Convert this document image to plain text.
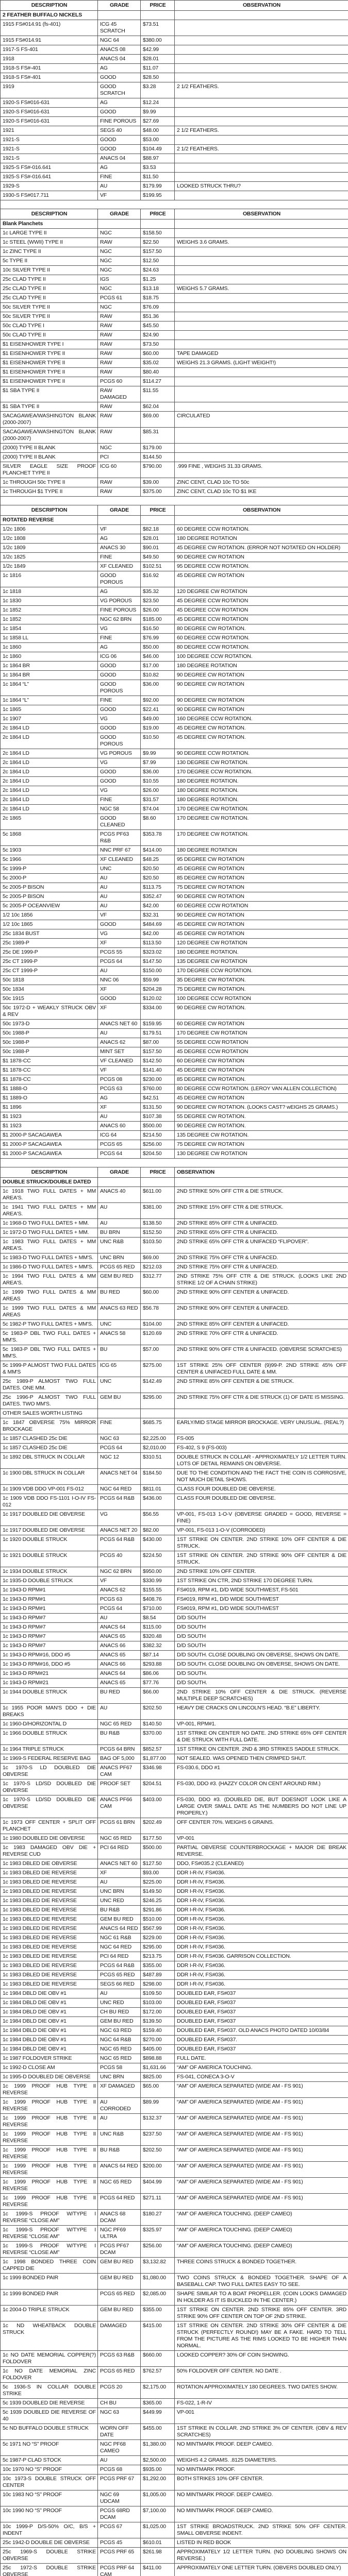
DESCRIPTION	GRADE	PRICE	OBSERVATION
2 FEATHER BUFFALO NICKELS			
1915 FS#014.91 (fs-401)	ICG 45 SCRATCH	$73.51	
1915 FS#014.91	NGC 64	$380.00	
1917-S FS-401	ANACS 08	$42.99	
1918	ANACS 04	$28.01	
1918-S FS#-401	AG	$11.07	
1918-S FS#-401	GOOD	$28.50	
1919	GOOD SCRATCH	$3.28	2 1/2 FEATHERS.
1920-S FS#016-631	AG	$12.24	
1920-S FS#016-631	GOOD	$9.99	
1920-S FS#016-631	FINE POROUS	$27.69	
1921	SEGS 40	$48.00	2 1/2 FEATHERS.
1921-S	GOOD	$53.00	
1921-S	GOOD	$104.49	2 1/2 FEATHERS.
1921-S	ANACS 04	$88.97	
1925-S FS#-016.641	AG	$3.53	
1925-S FS#-016.641	FINE	$11.50	
1929-S	AU	$179.99	LOOKED STRUCK THRU?
1930-S FS#017.711	VF	$199.95	

DESCRIPTION	GRADE	PRICE	OBSERVATION
Blank Planchets			
1c LARGE TYPE II	NGC	$158.50	
1c STEEL (WWII) TYPE II	RAW	$22.50	WEIGHS 3.6 GRAMS.
1c ZINC TYPE II	NGC	$157.50	
5c TYPE II	NGC	$12.50	
10c SILVER TYPE II	NGC	$24.63	
25c CLAD TYPE II	IGS	$1.25	
25c CLAD TYPE II	NGC	$13.18	WEIGHS 5.7 GRAMS.
25c CLAD TYPE II	PCGS 61	$18.75	
50c SILVER TYPE II	NGC	$76.09	
50c SILVER TYPE II	RAW	$51.36	
50c CLAD TYPE I	RAW	$45.50	
50c CLAD TYPE II	RAW	$24.90	
$1 EISENHOWER TYPE I	RAW	$73.50	
$1 EISENHOWER TYPE II	RAW	$60.00	TAPE DAMAGED
$1 EISENHOWER TYPE II	RAW	$35.02	WEIGHS 21.3 GRAMS. (LIGHT WEIGHT!)
$1 EISENHOWER TYPE II	RAW	$80.40	
$1 EISENHOWER TYPE II	PCGS 60	$114.27	
$1 SBA TYPE II	RAW DAMAGED	$11.55	
$1 SBA TYPE II	RAW	$62.04	
SACAGAWEA/WASHINGTON BLANK (2000-2007)	RAW	$69.00	CIRCULATED
SACAGAWEA/WASHINGTON BLANK (2000-2007)	RAW	$85.31	
(2000) TYPE II BLANK	NGC	$179.00	
(2000) TYPE II BLANK	PCI	$144.50	
SILVER EAGLE SIZE PROOF PLANCHET TYPE II	ICG 60	$790.00	.999 FINE , WEIGHS 31.33 GRAMS.
1c THROUGH 50c TYPE II	RAW	$39.00	ZINC CENT, CLAD 10c TO 50c
1c THROUGH $1 TYPE II	RAW	$375.00	ZINC CENT, CLAD 10c TO $1 IKE

DESCRIPTION	GRADE	PRICE	OBSERVATION
ROTATED REVERSE			
1/2c 1806	VF	$82.18	60 DEGREE CCW ROTATION.
1/2c 1808	AG	$28.01	180 DEGREE ROTATION
1/2c 1809	ANACS 30	$90.01	45 DEGREE CW ROTATION. (ERROR NOT NOTATED ON HOLDER)
1/2c 1825	FINE	$49.50	90 DEGREE CW ROTATION
1/2c 1849	XF CLEANED	$102.51	95 DEGREE CCW ROTATION.
1c 1816	GOOD POROUS	$16.92	45 DEGREE CW ROTATION
1c 1818	AG	$35.32	120 DEGREE CW ROTATION
1c 1830	VG POROUS	$23.50	45 DEGREE CCW ROTATION
1c 1852	FINE POROUS	$26.00	45 DEGREE CCW ROTATION
1c 1852	NGC 62 BRN	$185.00	45 DEGREE CCW ROTATION
1c 1854	VG	$16.50	80 DEGREE CW ROTATION.
1c 1858 LL	FINE	$76.99	60 DEGREE CCW ROTATION.
1c 1860	AG	$50.00	80 DEGREE CCW ROTATION.
1c 1860	ICG 06	$46.00	100 DEGREE CCW ROTATION.
1c 1864 BR	GOOD	$17.00	180 DEGREE ROTATION
1c 1864 BR	GOOD	$10.82	90 DEGREE CW ROTATION
1c 1864 “L”	GOOD POROUS	$36.00	90 DEGREE CW ROTATION
1c 1864 “L”	FINE	$92.00	90 DEGREE CW ROTATION
1c 1865	GOOD	$22.41	90 DEGREE CW ROTATION
1c 1907	VG	$49.00	160 DEGREE CCW ROTATION.
2c 1864 LD	GOOD	$19.00	45 DEGREE CW ROTATION.
2c 1864 LD	GOOD POROUS	$10.50	45 DEGREE CW ROTATION.
2c 1864 LD	VG POROUS	$9.99	90 DEGREE CCW ROTATION.
2c 1864 LD	VG	$7.99	130 DEGREE CW ROTATION.
2c 1864 LD	GOOD	$36.00	170 DEGREE CCW ROTATION.
2c 1864 LD	GOOD	$10.55	180 DEGREE ROTATION.
2c 1864 LD	VG	$26.00	180 DEGREE ROTATION.
2c 1864 LD	FINE	$31.57	180 DEGREE ROTATION.
2c 1864 LD	NGC 58	$74.04	170 DEGREE CW ROTATION.
2c 1865	GOOD CLEANED	$8.60	170 DEGREE CW ROTATION.
5c 1868	PCGS PF63 R&B	$353.78	170 DEGREE CW ROTATION.
5c 1903	NNC PRF 67	$414.00	180 DEGREE ROTATION
5c 1966	XF CLEANED	$48.25	95 DEGREE CW ROTATION
5c 1999-P	UNC	$20.50	45 DEGREE CW ROTATION
5c 2000-P	AU	$20.50	85 DEGREE CW ROTATION
5c 2005-P BISON	AU	$113.75	75 DEGREE CW ROTATION
5c 2005-P BISON	AU	$352.47	90 DEGREE CW ROTATION
5c 2005-P OCEANVIEW	AU	$42.00	60 DEGREE CCW ROTATION
1/2 10c 1856	VF	$32.31	90 DEGREE CW ROTATION
1/2 10c 1865	GOOD	$484.69	45 DEGREE CW ROTATION
25c 1834 BUST	VG	$42.00	45 DEGREE CW ROTATION
25c 1989-P	XF	$113.50	120 DEGREE CW ROTATION
25c DE 1999-P	PCGS 55	$323.02	180 DEGREE ROTATION.
25c CT 1999-P	PCGS 64	$147.50	135 DEGREE CW ROTATION
25c CT 1999-P	AU	$150.00	170 DEGREE CCW ROTATION.
50c 1818	NNC 06	$59.99	35 DEGREE CW ROTATION.
50c 1834	XF	$204.28	75 DEGREE CW ROTATION.
50c 1915	GOOD	$120.02	100 DEGREE CCW ROTATION
50c 1972-D + WEAKLY STRUCK OBV & REV	XF	$334.00	90 DEGREE CW ROTATION.
50c 1973-D	ANACS NET 60	$159.95	60 DEGREE CW ROTATION
50c 1988-P	AU	$179.51	170 DEGREE CW ROTATION
50c 1988-P	ANACS 62	$87.00	55 DEGREE CCW ROTATION
50c 1988-P	MINT SET	$157.50	45 DEGREE CCW ROTATION
$1 1878-CC	VF CLEANED	$142.50	60 DEGREE CW ROTATION
$1 1878-CC	VF	$141.40	45 DEGREE CW ROTATION
$1 1878-CC	PCGS 08	$230.00	85 DEGREE CW ROTATION.
$1 1888-O	PCGS 63	$760.00	80 DEGREE CCW ROTATION. (LEROY VAN ALLEN COLLECTION)
$1 1889-O	AG	$42.51	45 DEGREE CW ROTATION
$1 1896	XF	$131.50	90 DEGREE CW ROTATION. (LOOKS CAST? wEIGHS 25 GRAMS.)
$1 1923	AU	$107.38	55 DEGREE CW ROTATION.
$1 1923	ANACS 60	$500.00	90 DEGREE CW ROTATION.
$1 2000-P SACAGAWEA	ICG 64	$214.50	135 DEGREE CW ROTATION.
$1 2000-P SACAGAWEA	PCGS 65	$256.00	75 DEGREE CW ROTATION
$1 2000-P SACAGAWEA	PCGS 64	$204.50	130 DEGREE CW ROTATION

DESCRIPTION	GRADE	PRICE	OBSERVATION
DOUBLE STRUCK/DOUBLE DATED			
1c 1918 TWO FULL DATES + MM AREA'S.	ANACS 40	$611.00	2ND STRIKE 50% OFF CTR & DIE STRUCK.
1c 1941 TWO FULL DATES + MM AREA'S.	AU	$381.00	2ND STRIKE 15% OFF CTR & DIE STRUCK.
1c 1968-D TWO FULL DATES + MM.	AU	$138.50	2ND STRIKE 85% OFF CTR & UNIFACED.
1c 1972-D TWO FULL DATES + MM.	BU BRN	$152.50	2ND STRIKE 65% OFF CTR & UNIFACED.
1c 1983 TWO FULL DATES + MM AREA'S.	UNC R&B	$103.50	2ND STRIKE 65% OFF CTR & UNIFACED “FLIPOVER”.
1c 1983-D TWO FULL DATES + MM'S.	UNC BRN	$69.00	2ND STRIKE 75% OFF CTR & UNIFACED.
1c 1986-D TWO FULL DATES + MM'S.	PCGS 65 RED	$212.03	2ND STRIKE 75% OFF CTR & UNIFACED.
1c 1994 TWO FULL DATES & MM AREA'S.	GEM BU RED	$312.77	2ND STRIKE 75% OFF CTR & DIE STRUCK. (LOOKS LIKE 2ND STRIKE 1/2 OF A CHAIN STRIKE)
1c 1999 TWO FULL DATES & MM AREAS	BU RED	$60.00	2ND STRIKE 90% OFF CENTER & UNIFACED.
1c 1999 TWO FULL DATES & MM AREAS	ANACS 63 RED	$56.78	2ND STRIKE 90% OFF CENTER & UNIFACED.
5c 1982-P TWO FULL DATES + MM'S.	UNC	$104.00	2ND STRIKE 85% OFF CENTER & UNIFACED.
5c 1983-P DBL TWO FULL DATES + MM'S.	ANACS 58	$120.69	2ND STRIKE 70% OFF CTR & UNIFACED.
5c 1983-P DBL TWO FULL DATES + MM'S.	BU	$57.00	2ND STRIKE 90% OFF CTR & UNIFACED. (OBVERSE SCRATCHES)
5c 1999-P ALMOST TWO FULL DATES & MM'S	ICG 65	$275.00	1ST STRIKE 25% OFF CENTER (9)99-P. 2ND STRIKE 45% OFF CENTER & UNIFACED FULL DATE & MM.
25c 1989-P ALMOST TWO FULL DATES. ONE MM.	UNC	$142.49	2ND STRIKE 85% OFF CENTER & DIE STRUCK.
25c 1996-P ALMOST TWO FULL DATES. TWO MM'S.	GEM BU	$295.00	2ND STRIKE 75% OFF CTR & DIE STRUCK (1) OF DATE IS MISSING.
OTHER SALES WORTH LISTING			
1c 1847 OBVERSE 75% MIRROR BROCKAGE	FINE	$685.75	EARLY/MID STAGE MIRROR BROCKAGE. VERY UNUSUAL. (REAL?)
1c 1857 CLASHED 25c DIE	NGC 63	$2,225.00	FS-005
1c 1857 CLASHED 25c DIE	PCGS 64	$2,010.00	FS-402, S 9 (FS-003)
1c 1892 DBL STRUCK IN COLLAR	NGC 12	$310.51	DOUBLE STRUCK IN COLLAR - APPROXIMATELY 1/2 LETTER TURN. LOTS OF DETAIL REMAINS ON OBVERSE.
1c 1900 DBL STRUCK IN COLLAR	ANACS NET 04	$184.50	DUE TO THE CONDITION AND THE FACT THE COIN IS CORROSIVE, NOT MUCH DETAIL SHOWS.
1c 1909 VDB DDO VP-001 FS-012	NGC 64 RED	$811.01	CLASS FOUR DOUBLED DIE OBVERSE.
1c 1909 VDB DDO FS-1101 I-O-IV FS-012	PCGS 64 R&B	$436.00	CLASS FOUR DOUBLED DIE OBVERSE.
1c 1917 DOUBLED DIE OBVERSE	VG	$56.55	VP-001, FS-013 1-O-V (OBVERSE GRADED = GOOD, REVERSE = FINE)
1c 1917 DOUBLED DIE OBVERSE	ANACS NET 20	$82.00	VP-001, FS-013 1-O-V (CORRODED)
1c 1920 DOUBLE STRUCK	PCGS 64 R&B	$430.00	1ST STRIKE ON CENTER. 2ND STRIKE 10% OFF CENTER & DIE STRUCK.
1c 1921 DOUBLE STRUCK	PCGS 40	$224.50	1ST STRIKE ON CENTER. 2ND STRIKE 90% OFF CENTER & DIE STRUCK.
1c 1934 DOUBLE STRUCK	NGC 62 BRN	$950.00	2ND STRIKE 10% OFF CENTER.
1c 1935-D DOUBLE STRUCK	VF	$330.99	1ST STRIKE ON CTR, 2ND STRIKE 170 DEGREE TURN.
1c 1943-D RPM#1	ANACS 62	$155.55	FS#019, RPM #1, D/D WIDE SOUTHWEST, FS-501
1c 1943-D RPM#1	PCGS 63	$408.76	FS#019, RPM #1, D/D WIDE SOUTHWEST
1c 1943-D RPM#1	PCGS 64	$710.00	FS#019, RPM #1, D/D WIDE SOUTHWEST
1c 1943-D RPM#7	AU	$8.54	D/D SOUTH
1c 1943-D RPM#7	ANACS 64	$115.00	D/D SOUTH
1c 1943-D RPM#7	ANACS 65	$320.48	D/D SOUTH
1c 1943-D RPM#7	ANACS 66	$382.32	D/D SOUTH
1c 1943-D RPM#16, DDO #5	ANACS 65	$87.14	D/D SOUTH. CLOSE DOUBLING ON OBVERSE, SHOWS ON DATE.
1c 1943-D RPM#16, DDO #5	ANACS 66	$293.88	D/D SOUTH. CLOSE DOUBLING ON OBVERSE, SHOWS ON DATE.
1c 1943-D RPM#21	ANACS 64	$86.06	D/D SOUTH.
1c 1943-D RPM#21	ANACS 65	$77.76	D/D SOUTH.
1c 1944 DOUBLE STRUCK	BU RED	$66.00	2ND STRIKE 10% OFF CENTER & DIE STRUCK. (REVERSE MULTIPLE DEEP SCRATCHES)
1c 1955 POOR MAN'S DDO + DIE BREAKS	AU	$202.50	HEAVY DIE CRACKS ON LINCOLN'S HEAD. “B.E” LIBERTY.
1c 1960-D/HORIZONTAL D	NGC 65 RED	$140.50	VP-001, RPM#1.
1c 1966 DOUBLE STRUCK	BU R&B	$370.00	1ST STRIKE ON CENTER NO DATE. 2ND STRIKE 65% OFF CENTER & DIE STRUCK WITH FULL DATE.
1c 1964 TRIPLE STRUCK	PCGS 64 BRN	$852.57	1ST STRIKE ON CENTER. 2ND & 3RD STRIKES SADDLE STRUCK.
1c 1969-S FEDERAL RESERVE BAG	BAG OF 5,000	$1,877.00	NOT SEALED. WAS OPENED THEN CRIMPED SHUT.
1c 1970-S LD DOUBLED DIE OBVERSE	ANACS PF67 CAM	$346.98	FS-030.6, DDO #1
1c 1970-S LD/SD DOUBLED DIE OBVERSE	PROOF SET	$204.51	FS-030, DDO #3. (HAZZY COLOR ON CENT AROUND RIM.)
1c 1970-S LD/SD DOUBLED DIE OBVERSE	ANACS PF66 CAM	$403.00	FS-030, DDO #3. (DOUBLED DIE, BUT DOESNOT LOOK LIKE A LARGE OVER SMALL DATE AS THE NUMBERS DO NOT LINE UP PROPERLY.)
1c 1973 OFF CENTER + SPLIT OFF PLANCHET	PCGS 61 BRN	$202.49	OFF CENTER 70%. WEIGHS 6 GRAINS.
1c 1980 DOUBLED DIE OBVERSE	NGC 65 RED	$177.50	VP-001
1c 1983 DAMAGED OBV DIE + REVERSE CUD	PCI 64 RED	$500.00	PARTIAL OBVERSE COUNTERBROCKAGE + MAJOR DIE BREAK REVERSE.
1c 1983 DBLED DIE OBVERSE	ANACS NET 60	$127.50	DDO, FS#035.2 (CLEANED)
1c 1983 DBLED DIE REVERSE	XF	$93.00	DDR I-R-IV, FS#036.
1c 1983 DBLED DIE REVERSE	AU	$225.00	DDR I-R-IV, FS#036.
1c 1983 DBLED DIE REVERSE	UNC BRN	$149.50	DDR I-R-IV, FS#036.
1c 1983 DBLED DIE REVERSE	UNC RED	$246.25	DDR I-R-IV, FS#036.
1c 1983 DBLED DIE REVERSE	BU R&B	$291.86	DDR I-R-IV, FS#036.
1c 1983 DBLED DIE REVERSE	GEM BU RED	$510.00	DDR I-R-IV, FS#036.
1c 1983 DBLED DIE REVERSE	ANACS 64 RED	$567.99	DDR I-R-IV, FS#036.
1c 1983 DBLED DIE REVERSE	NGC 61 R&B	$229.00	DDR I-R-IV, FS#036.
1c 1983 DBLED DIE REVERSE	NGC 64 RED	$295.00	DDR I-R-IV, FS#036.
1c 1983 DBLED DIE REVERSE	PCI 64 RED	$213.75	DDR I-R-IV, FS#036. GARRISON COLLECTION.
1c 1983 DBLED DIE REVERSE	PCGS 64 R&B	$355.00	DDR I-R-IV, FS#036.
1c 1983 DBLED DIE REVERSE	PCGS 65 RED	$487.89	DDR I-R-IV, FS#036.
1c 1983 DBLED DIE REVERSE	SEGS 66 RED	$298.00	DDR I-R-IV, FS#036.
1c 1984 DBLD DIE OBV #1	AU	$109.50	DOUBLED EAR, FS#037
1c 1984 DBLD DIE OBV #1	UNC RED	$103.00	DOUBLED EAR, FS#037
1c 1984 DBLD DIE OBV #1	CH BU RED	$172.00	DOUBLED EAR, FS#037
1c 1984 DBLD DIE OBV #1	GEM BU RED	$139.50	DOUBLED EAR, FS#037
1c 1984 DBLD DIE OBV #1	NGC 63 RED	$159.40	DOUBLED EAR, FS#037. OLD ANACS PHOTO DATED 10/03/84
1c 1984 DBLD DIE OBV #1	NGC 64 R&B	$270.00	DOUBLED EAR, FS#037.
1c 1984 DBLD DIE OBV #1	NGC 65 RED	$405.00	DOUBLED EAR, FS#037
1c 1987 FOLDOVER STRIKE	NGC 65 RED	$898.88	FULL DATE.
1c 1992-D CLOSE AM	PCGS 58	$1,631.66	“AM” OF AMERICA TOUCHING.
1c 1995-D DOUBLED DIE OBVERSE	UNC BRN	$825.00	FS-041, CONECA 3-O-V
1c 1999 PROOF HUB TYPE II REVERSE	XF DAMAGED	$65.00	“AM” OF AMERICA SEPARATED (WIDE AM - FS 901)
1c 1999 PROOF HUB TYPE II REVERSE	AU CORRODED	$89.99	“AM” OF AMERICA SEPARATED (WIDE AM - FS 901)
1c 1999 PROOF HUB TYPE II REVERSE	AU	$132.37	“AM” OF AMERICA SEPARATED (WIDE AM - FS 901)
1c 1999 PROOF HUB TYPE II REVERSE	UNC R&B	$237.50	“AM” OF AMERICA SEPARATED (WIDE AM - FS 901)
1c 1999 PROOF HUB TYPE II REVERSE	BU R&B	$202.50	“AM” OF AMERICA SEPARATED (WIDE AM - FS 901)
1c 1999 PROOF HUB TYPE II REVERSE	ANACS 64 RED	$200.00	“AM” OF AMERICA SEPARATED (WIDE AM - FS 901)
1c 1999 PROOF HUB TYPE II REVERSE	NGC 65 RED	$404.99	“AM” OF AMERICA SEPARATED (WIDE AM - FS 901)
1c 1999 PROOF HUB TYPE II REVERSE	PCGS 64 RED	$271.11	“AM” OF AMERICA SEPARATED (WIDE AM - FS 901)
1c 1999-S PROOF W/TYPE I REVERSE “CLOSE AM”	ANACS 68 DCAM	$180.27	“AM” OF AMERICA TOUCHING. (DEEP CAMEO)
1c 1999-S PROOF W/TYPE I REVERSE “CLOSE AM”	NGC PF69 ULTRA	$325.97	“AM” OF AMERICA TOUCHING. (DEEP CAMEO)
1c 1999-S PROOF W/TYPE I REVERSE “CLOSE AM”	PCGS PF67 DCAM	$256.00	“AM” OF AMERICA TOUCHING. (DEEP CAMEO)
1c 1998 BONDED THREE COIN CAPPED DIE	GEM BU RED	$3,132.82	THREE COINS STRUCK & BONDED TOGETHER.
1c 1999 BONDED PAIR	GEM BU RED	$1,080.00	TWO COINS STRUCK & BONDED TOGETHER. SHAPE OF A BASEBALL CAP. TWO FULL DATES EASY TO SEE.
1c 1999 BONDED PAIR	PCGS 65 RED	$2,085.00	SHAPE SIMILAR TO A BOAT PROPELLER. (COIN LOOKS DAMAGED IN HOLDER AS IT IS BUCKLED IN THE CENTER.)
1c 2004-D TRIPLE STRUCK	GEM BU RED	$355.00	1ST STRIKE ON CENTER. 2ND STRIKE 85% OFF CENTER. 3RD STRIKE 90% OFF CENTER ON TOP OF 2ND STRIKE.
1c ND WHEATBACK DOUBLE STRUCK	DAMAGED	$415.00	1ST STRIKE ON CENTER. 2ND STRIKE 30% OFF CENTER & DIE STRUCK (PERFECTLY ROUND!) MAY BE A FAKE. HARD TO TELL FROM THE PICTURE AS THE RIMS LOOKED TO BE HIGHER THAN NORMAL.
1c NO DATE MEMORIAL COPPER(?) FOLDOVER	PCGS 63 R&B	$660.00	LOOKED COPPER? 30% OF COIN SHOWING.
1c NO DATE MEMORIAL ZINC FOLDOVER	PCGS 65 RED	$762.57	50% FOLDOVER OFF CENTER. NO DATE .
5c 1936-S IN COLLAR DOUBLE STRIKE	PCGS 20	$2,175.00	ROTATION APPROXIMATELY 180 DEGREES. TWO DATES SHOW.
5c 1939 DOUBLED DIE REVERSE	CH BU	$365.00	FS-022, 1-R-IV
5c 1939 DOUBLED DIE REVERSE OF 40	NGC 63	$449.99	VP-001
5c ND BUFFALO DOUBLE STRUCK	WORN OFF DATE	$455.00	1ST STRIKE IN COLLAR. 2ND STRIKE 3% OF CENTER. (OBV & REV SCRATCHES)
5c 1971 NO “S” PROOF	NGC PF68 CAMEO	$1,380.00	NO MINTMARK PROOF. DEEP CAMEO.
5c 1987-P CLAD STOCK	AU	$2,500.00	WEIGHS 4.2 GRAMS. .8125 DIAMETERS.
10c 1970 NO “S” PROOF	PCGS 68	$935.00	NO MINTMARK PROOF.
10c 1973-S DOUBLE STRUCK OFF CENTER	PCGS PRF 67	$1,292.00	BOTH STRIKES 10% OFF CENTER.
10c 1983 NO “S” PROOF	NGC 69 UDCAM	$1,005.00	NO MINTMARK PROOF. DEEP CAMEO.
10c 1990 NO “S” PROOF	PCGS 68RD DCAM	$7,100.00	NO MINTMARK PROOF. DEEP CAMEO.
10c 1999-P D/S-50% O/C, B/S + INDENT	PCGS 67	$1,025.00	1ST STRIKE BROADSTRUCK. 2ND STRIKE 50% OFF CENTER. SMALL OBVERSE INDENT.
25c 1942-D DOUBLE DIE OBVERSE	PCGS 45	$610.01	LISTED IN RED BOOK
25c 1969-S DOUBLE STRIKE OBVERSE	PCGS PRF 65	$261.98	APPROXIMATELY 1/2 LETTER TURN. (NO DOUBLING SHOWS ON REVERSE.)
25c 1972-S DOUBLE STRIKE OBVERSE	PCGS PRF 64 CAM	$411.00	APPROXIMATELY ONE LETTER TURN. (OBVERS DOUBLED ONLY)
